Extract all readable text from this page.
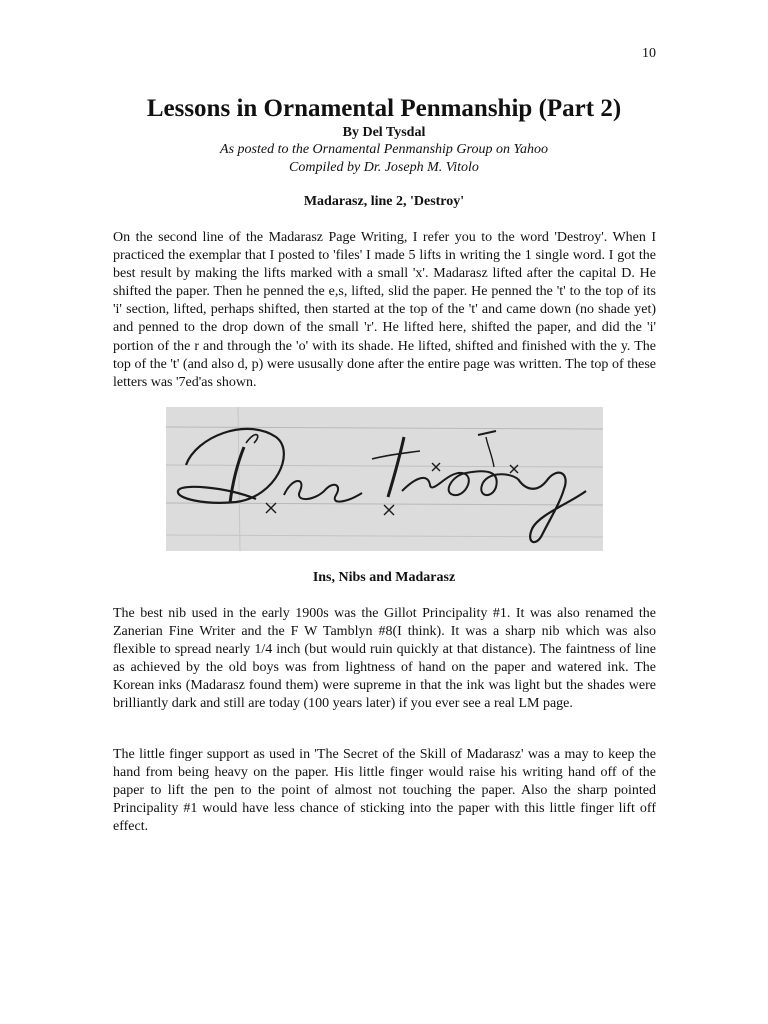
10
Lessons in Ornamental Penmanship (Part 2)
By Del Tysdal
As posted to the Ornamental Penmanship Group on Yahoo
Compiled by Dr. Joseph M. Vitolo
Madarasz, line 2, 'Destroy'

On the second line of the Madarasz Page Writing, I refer you to the word 'Destroy'. When I practiced the exemplar that I posted to 'files' I made 5 lifts in writing the 1 single word. I got the best result by making the lifts marked with a small 'x'. Madarasz lifted after the capital D. He shifted the paper. Then he penned the e,s, lifted, slid the paper. He penned the 't' to the top of its 'i' section, lifted, perhaps shifted, then started at the top of the 't' and came down (no shade yet) and penned to the drop down of the small 'r'. He lifted here, shifted the paper, and did the 'i' portion of the r and through the 'o' with its shade. He lifted, shifted and finished with the y. The top of the 't' (and also d, p) were ususally done after the entire page was written. The top of these letters was '7ed'as shown.

Ins, Nibs and Madarasz

The best nib used in the early 1900s was the Gillot Principality #1. It was also renamed the Zanerian Fine Writer and the F W Tamblyn #8(I think). It was a sharp nib which was also flexible to spread nearly 1/4 inch (but would ruin quickly at that distance). The faintness of line as achieved by the old boys was from lightness of hand on the paper and watered ink. The Korean inks (Madarasz found them) were supreme in that the ink was light but the shades were brilliantly dark and still are today (100 years later) if you ever see a real LM page.

The little finger support as used in 'The Secret of the Skill of Madarasz' was a may to keep the hand from being heavy on the paper. His little finger would raise his writing hand off of the paper to lift the pen to the point of almost not touching the paper. Also the sharp pointed Principality #1 would have less chance of sticking into the paper with this little finger lift off effect.
